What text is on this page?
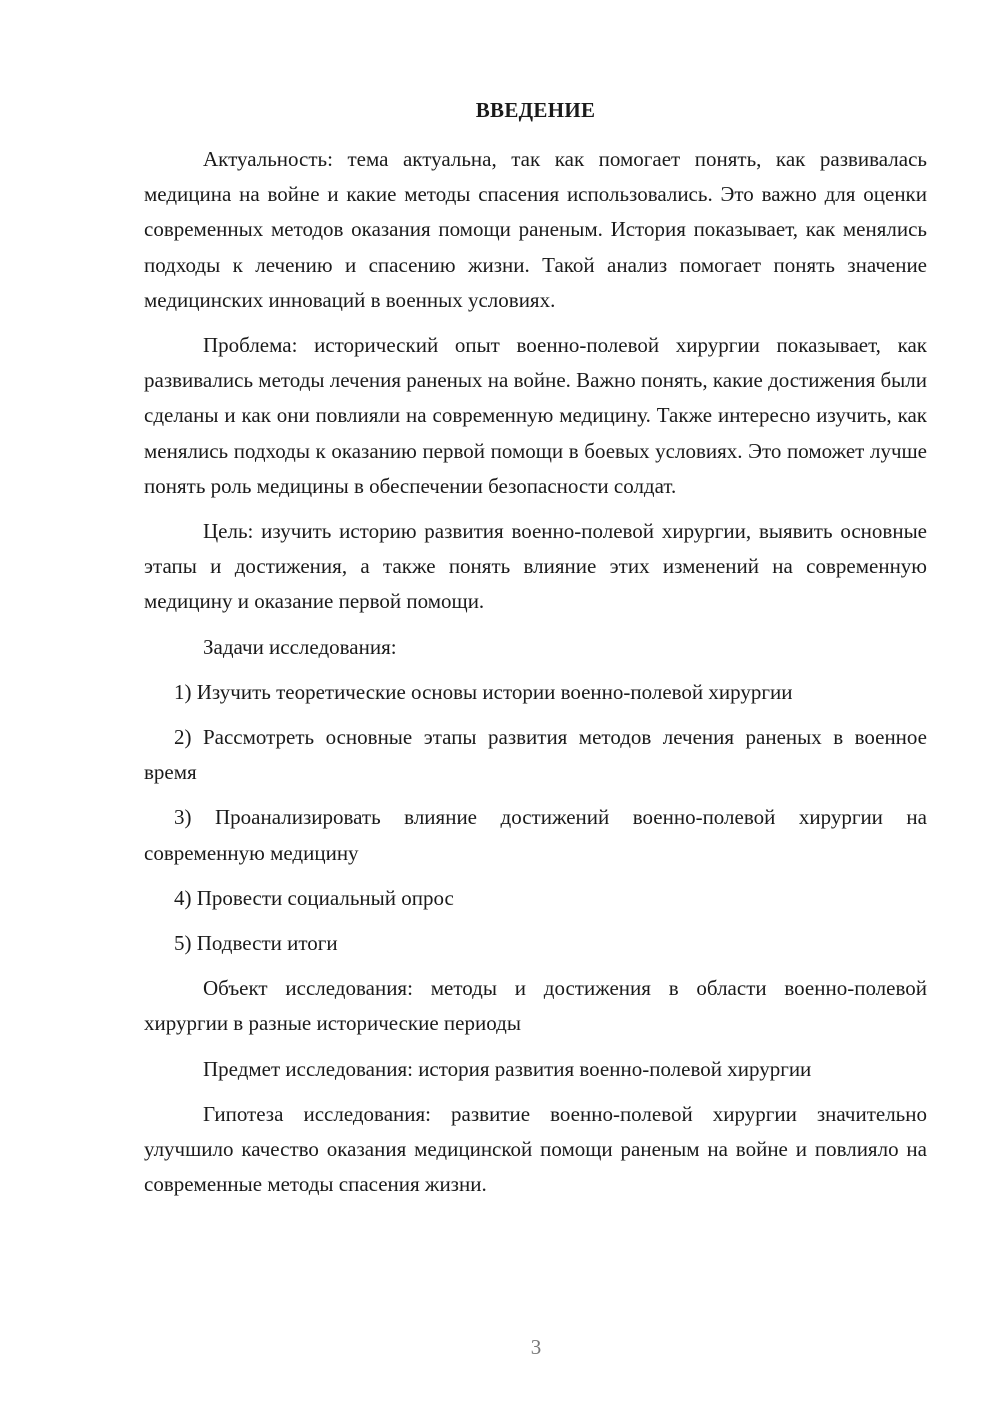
ВВЕДЕНИЕ

Актуальность: тема актуальна, так как помогает понять, как развивалась медицина на войне и какие методы спасения использовались. Это важно для оценки современных методов оказания помощи раненым. История показывает, как менялись подходы к лечению и спасению жизни. Такой анализ помогает понять значение медицинских инноваций в военных условиях.

Проблема: исторический опыт военно-полевой хирургии показывает, как развивались методы лечения раненых на войне. Важно понять, какие достижения были сделаны и как они повлияли на современную медицину. Также интересно изучить, как менялись подходы к оказанию первой помощи в боевых условиях. Это поможет лучше понять роль медицины в обеспечении безопасности солдат.

Цель: изучить историю развития военно-полевой хирургии, выявить основные этапы и достижения, а также понять влияние этих изменений на современную медицину и оказание первой помощи.

Задачи исследования:

1) Изучить теоретические основы истории военно-полевой хирургии

2) Рассмотреть основные этапы развития методов лечения раненых в военное время

3) Проанализировать влияние достижений военно-полевой хирургии на современную медицину

4) Провести социальный опрос

5) Подвести итоги

Объект исследования: методы и достижения в области военно-полевой хирургии в разные исторические периоды

Предмет исследования: история развития военно-полевой хирургии

Гипотеза исследования: развитие военно-полевой хирургии значительно улучшило качество оказания медицинской помощи раненым на войне и повлияло на современные методы спасения жизни.

3
